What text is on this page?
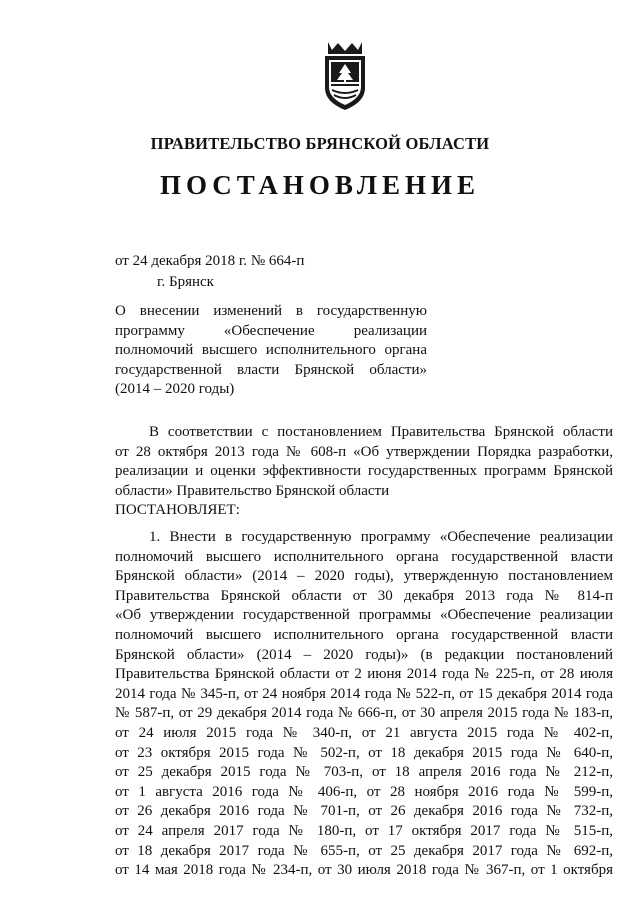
ПРАВИТЕЛЬСТВО БРЯНСКОЙ ОБЛАСТИ
ПОСТАНОВЛЕНИЕ
от 24 декабря 2018 г. № 664-п
г. Брянск
О внесении изменений в государственную
программу «Обеспечение реализации
полномочий высшего исполнительного органа
государственной власти Брянской области»
(2014 – 2020 годы)
В соответствии с постановлением Правительства Брянской области
от 28 октября 2013 года № 608-п «Об утверждении Порядка разработки,
реализации и оценки эффективности государственных программ Брянской
области» Правительство Брянской области
ПОСТАНОВЛЯЕТ:
1. Внести в государственную программу «Обеспечение реализации
полномочий высшего исполнительного органа государственной власти
Брянской области» (2014 – 2020 годы), утвержденную постановлением
Правительства Брянской области от 30 декабря 2013 года № 814-п
«Об утверждении государственной программы «Обеспечение реализации
полномочий высшего исполнительного органа государственной власти
Брянской области» (2014 – 2020 годы)» (в редакции постановлений
Правительства Брянской области от 2 июня 2014 года № 225-п, от 28 июля
2014 года № 345-п, от 24 ноября 2014 года № 522-п, от 15 декабря 2014 года
№ 587-п, от 29 декабря 2014 года № 666-п, от 30 апреля 2015 года № 183-п,
от 24 июля 2015 года № 340-п, от 21 августа 2015 года № 402-п,
от 23 октября 2015 года № 502-п, от 18 декабря 2015 года № 640-п,
от 25 декабря 2015 года № 703-п, от 18 апреля 2016 года № 212-п,
от 1 августа 2016 года № 406-п, от 28 ноября 2016 года № 599-п,
от 26 декабря 2016 года № 701-п, от 26 декабря 2016 года № 732-п,
от 24 апреля 2017 года № 180-п, от 17 октября 2017 года № 515-п,
от 18 декабря 2017 года № 655-п, от 25 декабря 2017 года № 692-п,
от 14 мая 2018 года № 234-п, от 30 июля 2018 года № 367-п, от 1 октября
